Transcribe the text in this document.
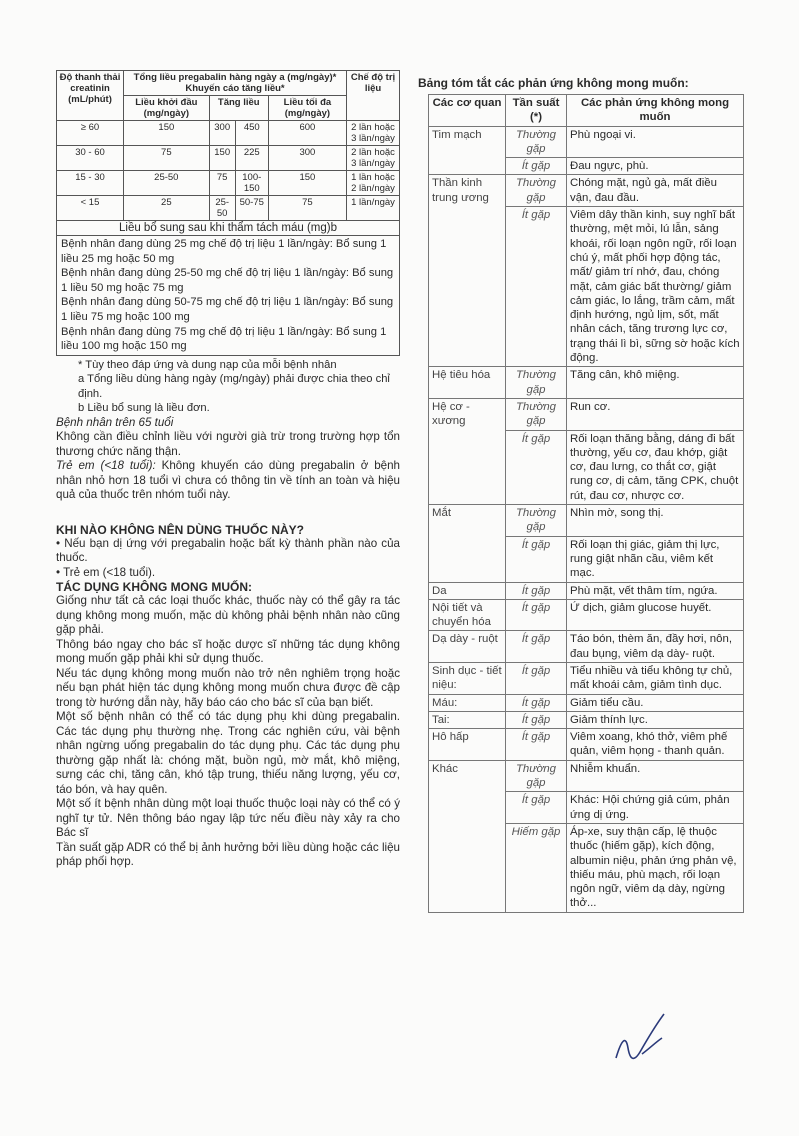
Độ thanh thải creatinin (mL/phút)	Tổng liều pregabalin hàng ngày a (mg/ngày)* Khuyến cáo tăng liều*				Chế độ trị liệu
	Liều khởi đầu (mg/ngày)	Tăng liều		Liều tối đa (mg/ngày)	
≥ 60	150	300	450	600	2 lần hoặc 3 lần/ngày
30 - 60	75	150	225	300	2 lần hoặc 3 lần/ngày
15 - 30	25-50	75	100-150	150	1 lần hoặc 2 lần/ngày
< 15	25	25-50	50-75	75	1 lần/ngày
Liều bổ sung sau khi thẩm tách máu (mg)b
Bệnh nhân đang dùng 25 mg chế độ trị liệu 1 lần/ngày: Bổ sung 1 liều 25 mg hoặc 50 mg
Bệnh nhân đang dùng 25-50 mg chế độ trị liệu 1 lần/ngày: Bổ sung 1 liều 50 mg hoặc 75 mg
Bệnh nhân đang dùng 50-75 mg chế độ trị liệu 1 lần/ngày: Bổ sung 1 liều 75 mg hoặc 100 mg
Bệnh nhân đang dùng 75 mg chế độ trị liệu 1 lần/ngày: Bổ sung 1 liều 100 mg hoặc 150 mg
* Tùy theo đáp ứng và dung nạp của mỗi bệnh nhân
a Tổng liều dùng hàng ngày (mg/ngày) phải được chia theo chỉ định.
b Liều bổ sung là liều đơn.
Bệnh nhân trên 65 tuổi
Không cần điều chỉnh liều với người già trừ trong trường hợp tổn thương chức năng thận.
Trẻ em (<18 tuổi): Không khuyến cáo dùng pregabalin ở bệnh nhân nhỏ hơn 18 tuổi vì chưa có thông tin về tính an toàn và hiệu quả của thuốc trên nhóm tuổi này.
KHI NÀO KHÔNG NÊN DÙNG THUỐC NÀY?
• Nếu bạn dị ứng với pregabalin hoặc bất kỳ thành phần nào của thuốc.
• Trẻ em (<18 tuổi).
TÁC DỤNG KHÔNG MONG MUỐN:
Giống như tất cả các loại thuốc khác, thuốc này có thể gây ra tác dụng không mong muốn, mặc dù không phải bệnh nhân nào cũng gặp phải.
Thông báo ngay cho bác sĩ hoặc dược sĩ những tác dụng không mong muốn gặp phải khi sử dụng thuốc.
Nếu tác dụng không mong muốn nào trở nên nghiêm trọng hoặc nếu bạn phát hiện tác dụng không mong muốn chưa được đề cập trong tờ hướng dẫn này, hãy báo cáo cho bác sĩ của bạn biết.
Một số bệnh nhân có thể có tác dụng phụ khi dùng pregabalin. Các tác dụng phụ thường nhẹ. Trong các nghiên cứu, vài bệnh nhân ngừng uống pregabalin do tác dụng phụ. Các tác dụng phụ thường gặp nhất là: chóng mặt, buồn ngủ, mờ mắt, khô miệng, sưng các chi, tăng cân, khó tập trung, thiếu năng lượng, yếu cơ, táo bón, và hay quên.
Một số ít bệnh nhân dùng một loại thuốc thuộc loại này có thể có ý nghĩ tự tử. Nên thông báo ngay lập tức nếu điều này xảy ra cho Bác sĩ
Tần suất gặp ADR có thể bị ảnh hưởng bởi liều dùng hoặc các liệu pháp phối hợp.
Bảng tóm tắt các phản ứng không mong muốn:
Các cơ quan	Tần suất (*)	Các phản ứng không mong muốn
Tim mạch	Thường gặp	Phù ngoại vi.
	Ít gặp	Đau ngực, phù.
Thần kinh trung ương	Thường gặp	Chóng mặt, ngủ gà, mất điều vận, đau đầu.
	Ít gặp	Viêm dây thần kinh, suy nghĩ bất thường, mệt mỏi, lú lẫn, sảng khoái, rối loạn ngôn ngữ, rối loạn chú ý, mất phối hợp động tác, mất/ giảm trí nhớ, đau, chóng mặt, cảm giác bất thường/ giảm cảm giác, lo lắng, trầm cảm, mất định hướng, ngủ lịm, sốt, mất nhân cách, tăng trương lực cơ, trạng thái lì bì, sững sờ hoặc kích động.
Hệ tiêu hóa	Thường gặp	Tăng cân, khô miệng.
Hệ cơ - xương	Thường gặp	Run cơ.
	Ít gặp	Rối loạn thăng bằng, dáng đi bất thường, yếu cơ, đau khớp, giật cơ, đau lưng, co thắt cơ, giật rung cơ, dị cảm, tăng CPK, chuột rút, đau cơ, nhược cơ.
Mắt	Thường gặp	Nhìn mờ, song thị.
	Ít gặp	Rối loạn thị giác, giảm thị lực, rung giật nhãn cầu, viêm kết mạc.
Da	Ít gặp	Phù mặt, vết thâm tím, ngứa.
Nội tiết và chuyển hóa	Ít gặp	Ứ dịch, giảm glucose huyết.
Dạ dày - ruột	Ít gặp	Táo bón, thèm ăn, đầy hơi, nôn, đau bụng, viêm dạ dày- ruột.
Sinh dục - tiết niệu:	Ít gặp	Tiểu nhiều và tiểu không tự chủ, mất khoái cảm, giảm tình dục.
Máu:	Ít gặp	Giảm tiểu cầu.
Tai:	Ít gặp	Giảm thính lực.
Hô hấp	Ít gặp	Viêm xoang, khó thở, viêm phế quản, viêm họng - thanh quản.
Khác	Thường gặp	Nhiễm khuẩn.
	Ít gặp	Khác: Hội chứng giả cúm, phản ứng dị ứng.
	Hiếm gặp	Áp-xe, suy thận cấp, lệ thuộc thuốc (hiếm gặp), kích động, albumin niệu, phản ứng phản vệ, thiếu máu, phù mạch, rối loạn ngôn ngữ, viêm dạ dày, ngừng thở...
